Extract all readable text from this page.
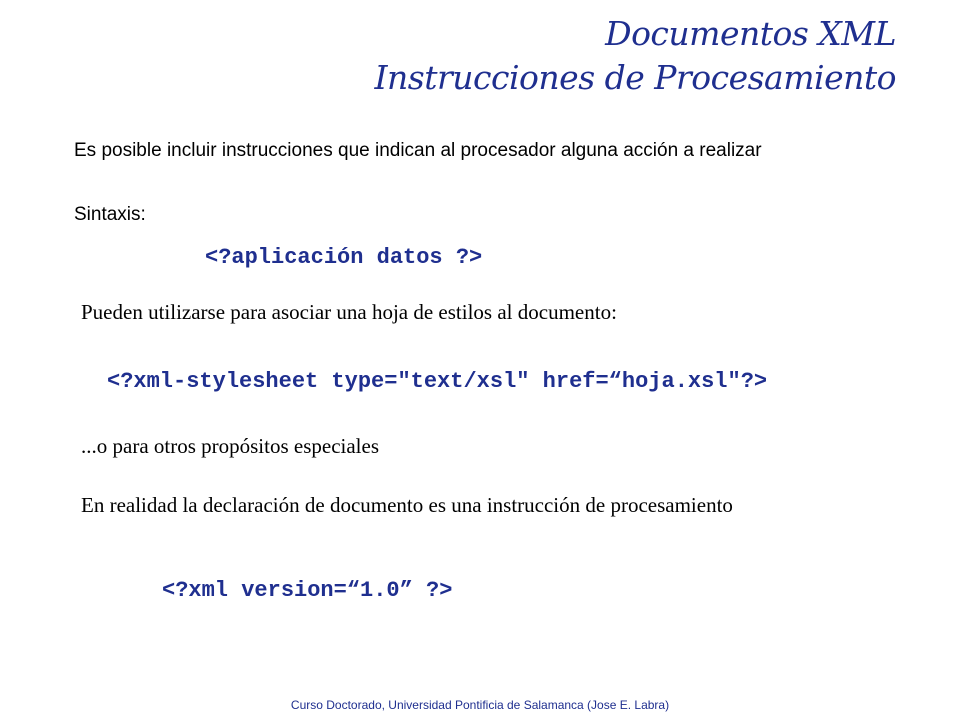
Documentos XML
Instrucciones de Procesamiento
Es posible incluir instrucciones que indican al procesador alguna acción a realizar
Sintaxis:
<?aplicación datos ?>
Pueden utilizarse para asociar una hoja de estilos al documento:
<?xml-stylesheet type="text/xsl" href=“hoja.xsl"?>
...o para otros propósitos especiales
En realidad la declaración de documento es una instrucción de procesamiento
<?xml version=“1.0” ?>
Curso Doctorado, Universidad Pontificia de Salamanca (Jose E. Labra)
